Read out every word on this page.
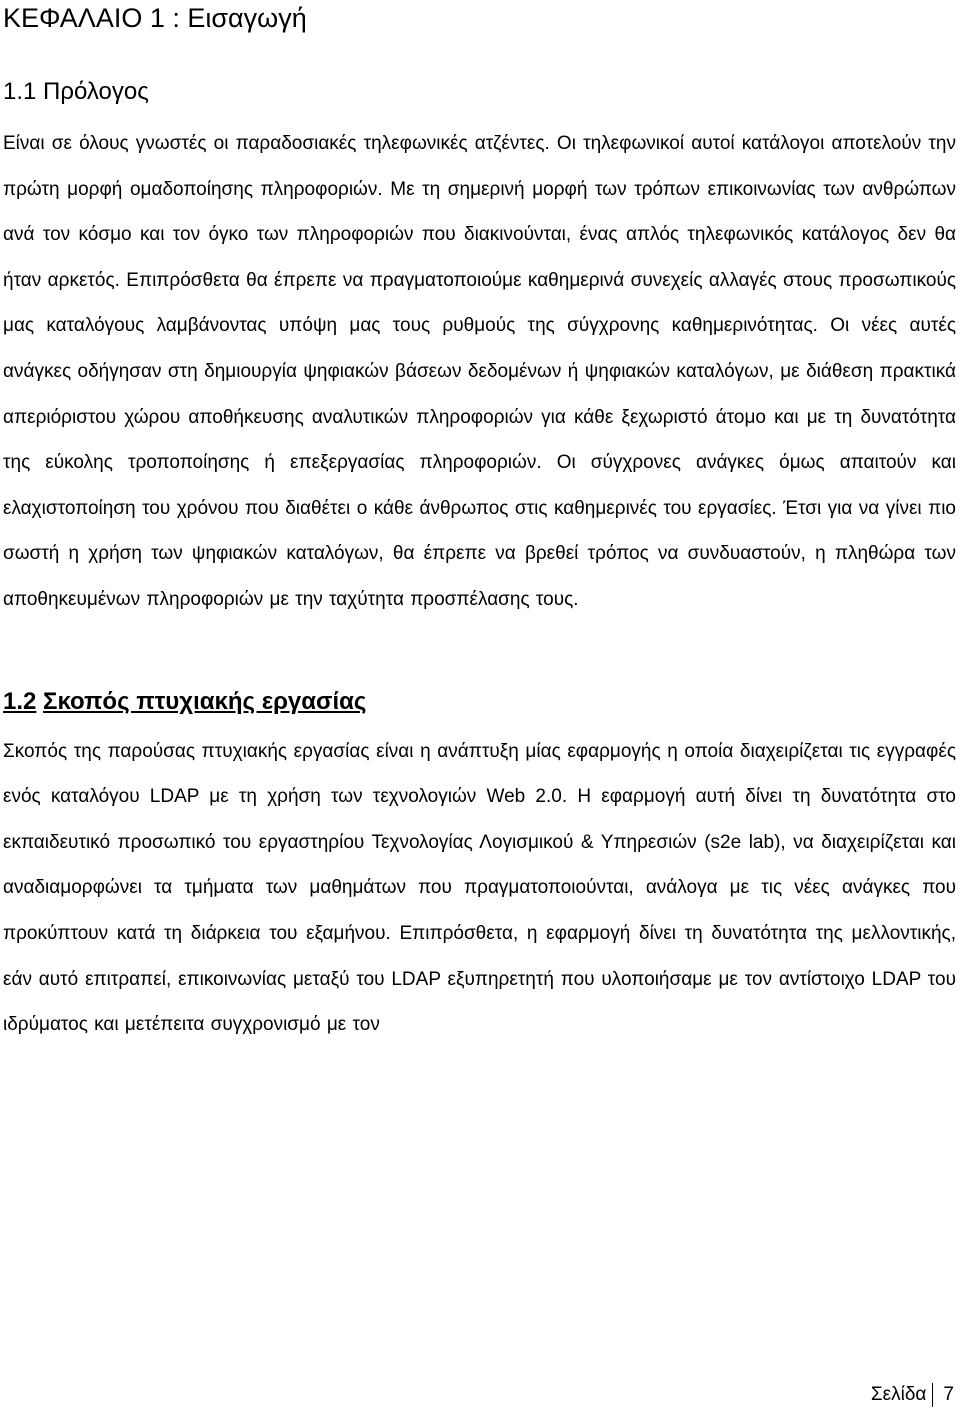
ΚΕΦΑΛΑΙΟ 1 : Εισαγωγή
1.1 Πρόλογος

Είναι σε όλους γνωστές οι παραδοσιακές τηλεφωνικές ατζέντες. Οι τηλεφωνικοί αυτοί κατάλογοι αποτελούν την πρώτη μορφή ομαδοποίησης πληροφοριών. Με τη σημερινή μορφή των τρόπων επικοινωνίας των ανθρώπων ανά τον κόσμο και τον όγκο των πληροφοριών που διακινούνται, ένας απλός τηλεφωνικός κατάλογος δεν θα ήταν αρκετός. Επιπρόσθετα θα έπρεπε να πραγματοποιούμε καθημερινά συνεχείς αλλαγές στους προσωπικούς μας καταλόγους λαμβάνοντας υπόψη μας τους ρυθμούς της σύγχρονης καθημερινότητας. Οι νέες αυτές ανάγκες οδήγησαν στη δημιουργία ψηφιακών βάσεων δεδομένων ή ψηφιακών καταλόγων, με διάθεση πρακτικά απεριόριστου χώρου αποθήκευσης αναλυτικών πληροφοριών για κάθε ξεχωριστό άτομο και με τη δυνατότητα της εύκολης τροποποίησης ή επεξεργασίας πληροφοριών. Οι σύγχρονες ανάγκες όμως απαιτούν και ελαχιστοποίηση του χρόνου που διαθέτει ο κάθε άνθρωπος στις καθημερινές του εργασίες. Έτσι για να γίνει πιο σωστή η χρήση των ψηφιακών καταλόγων, θα έπρεπε να βρεθεί τρόπος να συνδυαστούν, η πληθώρα των αποθηκευμένων πληροφοριών με την ταχύτητα προσπέλασης τους.

1.2 Σκοπός πτυχιακής εργασίας

Σκοπός της παρούσας πτυχιακής εργασίας είναι η ανάπτυξη μίας εφαρμογής η οποία διαχειρίζεται τις εγγραφές ενός καταλόγου LDAP με τη χρήση των τεχνολογιών Web 2.0. Η εφαρμογή αυτή δίνει τη δυνατότητα στο εκπαιδευτικό προσωπικό του εργαστηρίου Τεχνολογίας Λογισμικού & Υπηρεσιών (s2e lab), να διαχειρίζεται και αναδιαμορφώνει τα τμήματα των μαθημάτων που πραγματοποιούνται, ανάλογα με τις νέες ανάγκες που προκύπτουν κατά τη διάρκεια του εξαμήνου. Επιπρόσθετα, η εφαρμογή δίνει τη δυνατότητα της μελλοντικής, εάν αυτό επιτραπεί, επικοινωνίας μεταξύ του LDAP εξυπηρετητή που υλοποιήσαμε με τον αντίστοιχο LDAP του ιδρύματος και μετέπειτα συγχρονισμό με τον

Σελίδα 7
